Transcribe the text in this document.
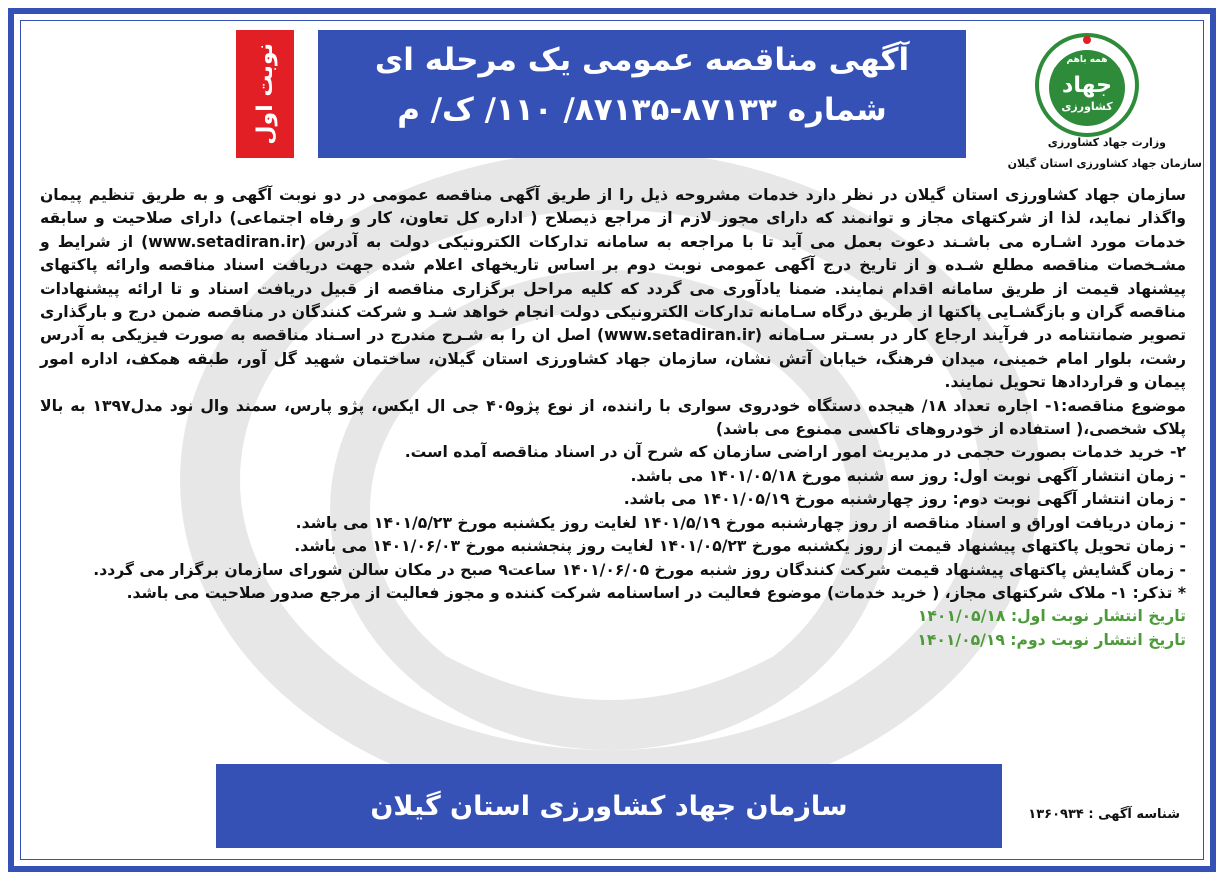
نوبت اول	آگهی مناقصه عمومی یک مرحله ای
شماره ۸۷۱۳۳-۸۷۱۳۵/ ۱۱۰/ ک/ م
همه باهم
جهاد
کشاورزی
وزارت جهاد کشاورزی
سازمان جهاد کشاورزی استان گیلان

سازمان جهاد کشاورزی استان گیلان در نظر دارد خدمات مشروحه ذیل را از طریق آگهی مناقصه عمومی در دو نوبت آگهی و به طریق تنظیم پیمان واگذار نماید، لذا از شرکتهای مجاز و توانمند که دارای مجوز لازم از مراجع ذیصلاح ( اداره کل تعاون، کار و رفاه اجتماعی) دارای صلاحیت و سابقه خدمات مورد اشـاره می باشـند دعوت بعمل می آید تا با مراجعه به سامانه تدارکات الکترونیکی دولت به آدرس (www.setadiran.ir) از شرایط و مشـخصات مناقصه مطلع شـده و از تاریخ درج آگهی عمومی نوبت دوم بر اساس تاریخهای اعلام شده جهت دریافت اسناد مناقصه وارائه پاکتهای پیشنهاد قیمت از طریق سامانه اقدام نمایند. ضمنا یادآوری می گردد که کلیه مراحل برگزاری مناقصه از قبیل دریافت اسناد و تا ارائه پیشنهادات مناقصه گران و بازگشـایی پاکتها از طریق درگاه سـامانه تدارکات الکترونیکی دولت انجام خواهد شـد و شرکت کنندگان در مناقصه ضمن درج و بارگذاری تصویر ضمانتنامه در فرآیند ارجاع کار در بسـتر سـامانه (www.setadiran.ir) اصل ان را به شـرح مندرج در اسـناد مناقصه به صورت فیزیکی به آدرس رشت، بلوار امام خمینی، میدان فرهنگ، خیابان آتش نشان، سازمان جهاد کشاورزی استان گیلان، ساختمان شهید گل آور، طبقه همکف، اداره امور پیمان و قراردادها تحویل نمایند.

موضوع مناقصه:۱- اجاره تعداد ۱۸/ هیجده دستگاه خودروی سواری با راننده، از نوع پژو۴۰۵ جی ال ایکس، پژو پارس، سمند وال نود مدل۱۳۹۷ به بالا پلاک شخصی،( استفاده از خودروهای تاکسی ممنوع می باشد)

۲- خرید خدمات بصورت حجمی در مدیریت امور اراضی سازمان که شرح آن در اسناد مناقصه آمده است.

- زمان انتشار آگهی نوبت اول: روز سه شنبه مورخ ۱۴۰۱/۰۵/۱۸ می باشد.

- زمان انتشار آگهی نوبت دوم: روز چهارشنبه مورخ ۱۴۰۱/۰۵/۱۹ می باشد.

- زمان دریافت اوراق و اسناد مناقصه از روز چهارشنبه مورخ ۱۴۰۱/۵/۱۹ لغایت روز یکشنبه مورخ ۱۴۰۱/۵/۲۳ می باشد.

- زمان تحویل پاکتهای پیشنهاد قیمت از روز یکشنبه مورخ ۱۴۰۱/۰۵/۲۳ لغایت روز پنجشنبه مورخ ۱۴۰۱/۰۶/۰۳ می باشد.

- زمان گشایش پاکتهای پیشنهاد قیمت شرکت کنندگان روز شنبه مورخ ۱۴۰۱/۰۶/۰۵ ساعت۹ صبح در مکان سالن شورای سازمان برگزار می گردد.

* تذکر: ۱- ملاک شرکتهای مجاز، ( خرید خدمات) موضوع فعالیت در اساسنامه شرکت کننده و مجوز فعالیت از مرجع صدور صلاحیت می باشد.

تاریخ انتشار نوبت اول: ۱۴۰۱/۰۵/۱۸

تاریخ انتشار نوبت دوم: ۱۴۰۱/۰۵/۱۹

سازمان جهاد کشاورزی استان گیلان	شناسه آگهی : ۱۳۶۰۹۳۴
